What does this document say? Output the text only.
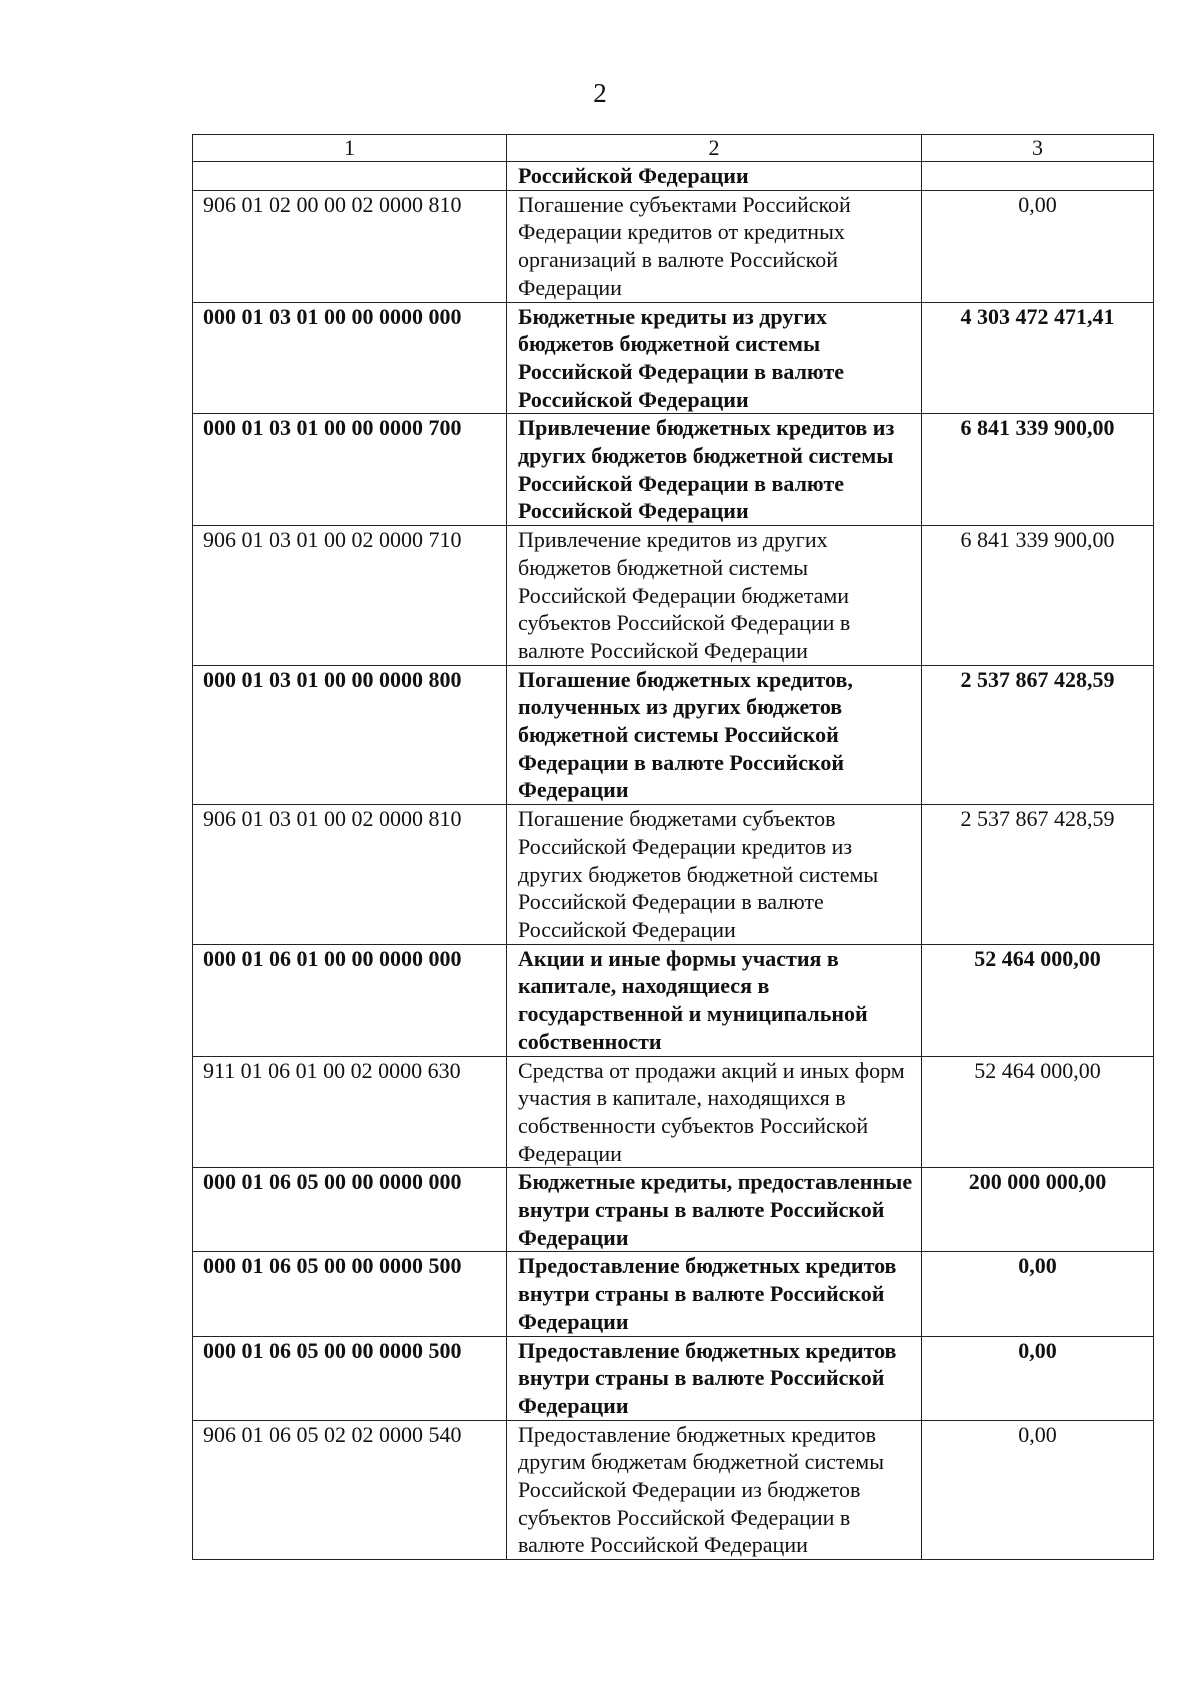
2
1	2	3
	Российской Федерации	
906 01 02 00 00 02 0000 810	Погашение субъектами Российской Федерации кредитов от кредитных организаций в валюте Российской Федерации	0,00
000 01 03 01 00 00 0000 000	Бюджетные кредиты из других бюджетов бюджетной системы Российской Федерации в валюте Российской Федерации	4 303 472 471,41
000 01 03 01 00 00 0000 700	Привлечение бюджетных кредитов из других бюджетов бюджетной системы Российской Федерации в валюте Российской Федерации	6 841 339 900,00
906 01 03 01 00 02 0000 710	Привлечение кредитов из других бюджетов бюджетной системы Российской Федерации бюджетами субъектов Российской Федерации в валюте Российской Федерации	6 841 339 900,00
000 01 03 01 00 00 0000 800	Погашение бюджетных кредитов, полученных из других бюджетов бюджетной системы Российской Федерации в валюте Российской Федерации	2 537 867 428,59
906 01 03 01 00 02 0000 810	Погашение бюджетами субъектов Российской Федерации кредитов из других бюджетов бюджетной системы Российской Федерации в валюте Российской Федерации	2 537 867 428,59
000 01 06 01 00 00 0000 000	Акции и иные формы участия в капитале, находящиеся в государственной и муниципальной собственности	52 464 000,00
911 01 06 01 00 02 0000 630	Средства от продажи акций и иных форм участия в капитале, находящихся в собственности субъектов Российской Федерации	52 464 000,00
000 01 06 05 00 00 0000 000	Бюджетные кредиты, предоставленные внутри страны в валюте Российской Федерации	200 000 000,00
000 01 06 05 00 00 0000 500	Предоставление бюджетных кредитов внутри страны в валюте Российской Федерации	0,00
000 01 06 05 00 00 0000 500	Предоставление бюджетных кредитов внутри страны в валюте Российской Федерации	0,00
906 01 06 05 02 02 0000 540	Предоставление бюджетных кредитов другим бюджетам бюджетной системы Российской Федерации из бюджетов субъектов Российской Федерации в валюте Российской Федерации	0,00
